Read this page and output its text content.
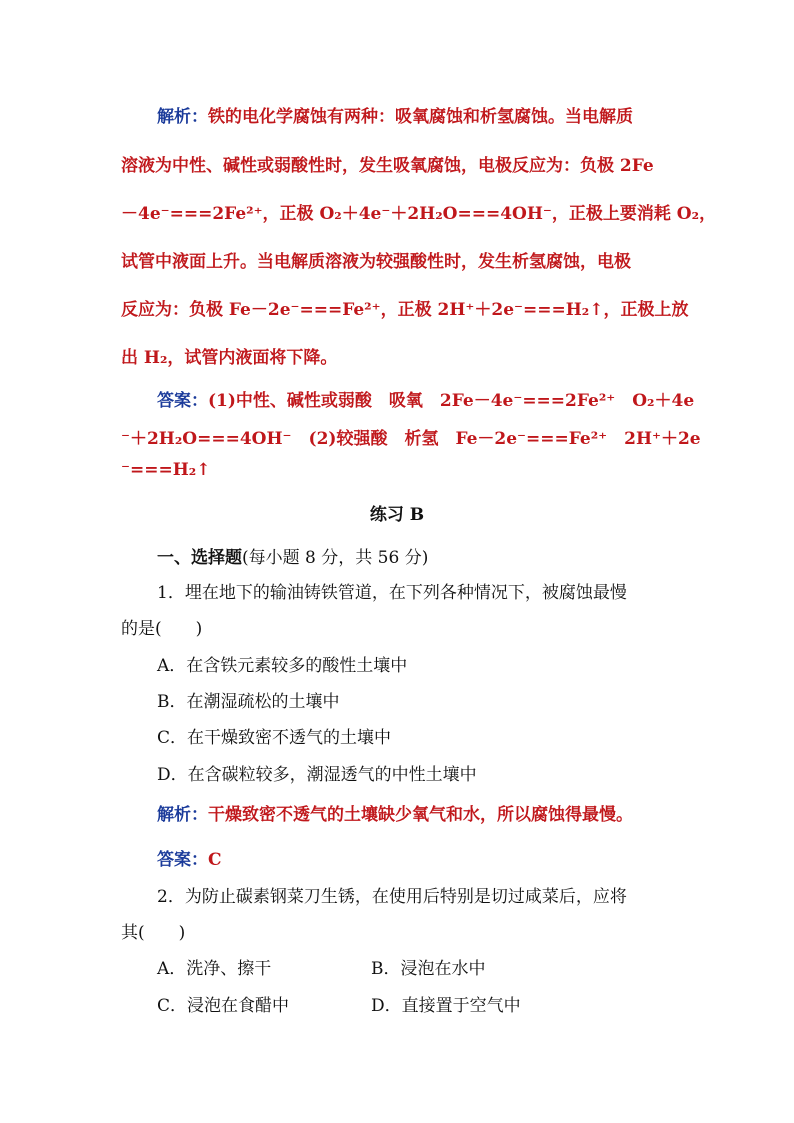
解析：铁的电化学腐蚀有两种：吸氧腐蚀和析氢腐蚀。当电解质
溶液为中性、碱性或弱酸性时，发生吸氧腐蚀，电极反应为：负极 2Fe
－4e⁻===2Fe²⁺，正极 O₂＋4e⁻＋2H₂O===4OH⁻，正极上要消耗 O₂，
试管中液面上升。当电解质溶液为较强酸性时，发生析氢腐蚀，电极
反应为：负极 Fe－2e⁻===Fe²⁺，正极 2H⁺＋2e⁻===H₂↑，正极上放
出 H₂，试管内液面将下降。
答案：(1)中性、碱性或弱酸　吸氧　2Fe－4e⁻===2Fe²⁺　O₂＋4e
⁻＋2H₂O===4OH⁻　(2)较强酸　析氢　Fe－2e⁻===Fe²⁺　2H⁺＋2e
⁻===H₂↑
练习 B
一、选择题(每小题 8 分，共 56 分)
1．埋在地下的输油铸铁管道，在下列各种情况下，被腐蚀最慢
的是(　　)
A．在含铁元素较多的酸性土壤中
B．在潮湿疏松的土壤中
C．在干燥致密不透气的土壤中
D．在含碳粒较多，潮湿透气的中性土壤中
解析：干燥致密不透气的土壤缺少氧气和水，所以腐蚀得最慢。
答案：C
2．为防止碳素钢菜刀生锈，在使用后特别是切过咸菜后，应将
其(　　)
A．洗净、擦干	B．浸泡在水中
C．浸泡在食醋中	D．直接置于空气中
